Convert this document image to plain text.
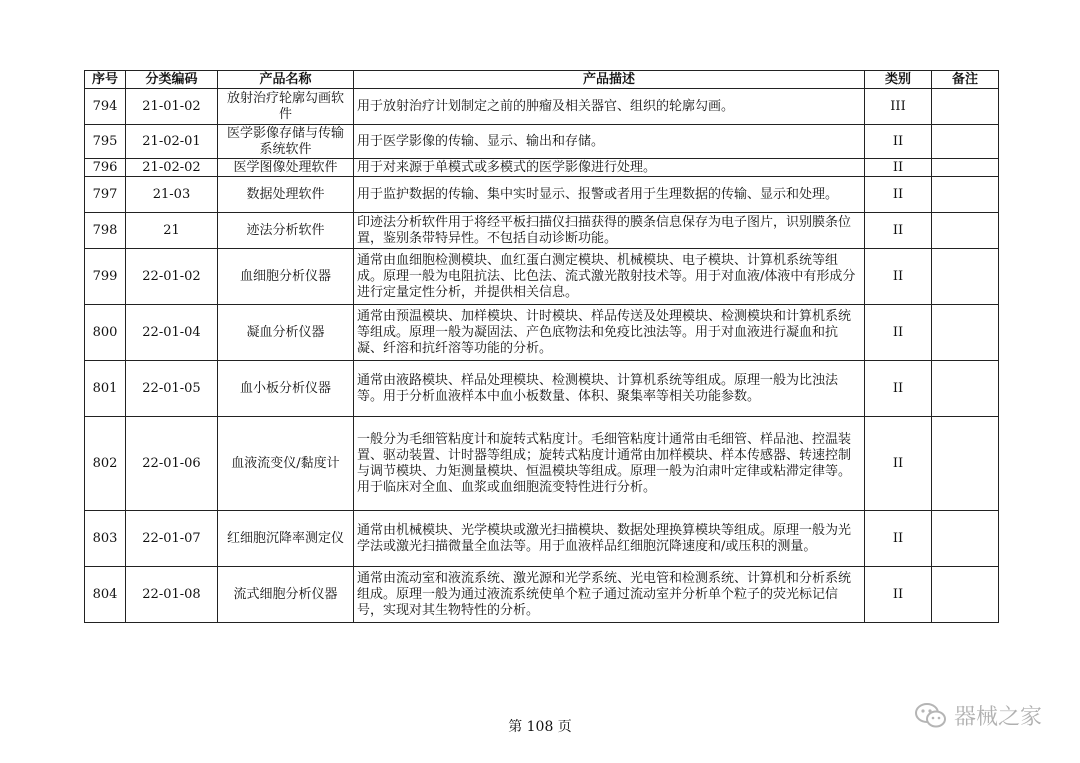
序号	分类编码	产品名称	产品描述	类别	备注
794	21-01-02	放射治疗轮廓勾画软件	用于放射治疗计划制定之前的肿瘤及相关器官、组织的轮廓勾画。	III	
795	21-02-01	医学影像存储与传输系统软件	用于医学影像的传输、显示、输出和存储。	II	
796	21-02-02	医学图像处理软件	用于对来源于单模式或多模式的医学影像进行处理。	II	
797	21-03	数据处理软件	用于监护数据的传输、集中实时显示、报警或者用于生理数据的传输、显示和处理。	II	
798	21	迹法分析软件	印迹法分析软件用于将经平板扫描仪扫描获得的膜条信息保存为电子图片，识别膜条位置，鉴别条带特异性。不包括自动诊断功能。	II	
799	22-01-02	血细胞分析仪器	通常由血细胞检测模块、血红蛋白测定模块、机械模块、电子模块、计算机系统等组成。原理一般为电阻抗法、比色法、流式激光散射技术等。用于对血液/体液中有形成分进行定量定性分析，并提供相关信息。	II	
800	22-01-04	凝血分析仪器	通常由预温模块、加样模块、计时模块、样品传送及处理模块、检测模块和计算机系统等组成。原理一般为凝固法、产色底物法和免疫比浊法等。用于对血液进行凝血和抗凝、纤溶和抗纤溶等功能的分析。	II	
801	22-01-05	血小板分析仪器	通常由液路模块、样品处理模块、检测模块、计算机系统等组成。原理一般为比浊法等。用于分析血液样本中血小板数量、体积、聚集率等相关功能参数。	II	
802	22-01-06	血液流变仪/黏度计	一般分为毛细管粘度计和旋转式粘度计。毛细管粘度计通常由毛细管、样品池、控温装置、驱动装置、计时器等组成；旋转式粘度计通常由加样模块、样本传感器、转速控制与调节模块、力矩测量模块、恒温模块等组成。原理一般为泊肃叶定律或粘滞定律等。用于临床对全血、血浆或血细胞流变特性进行分析。	II	
803	22-01-07	红细胞沉降率测定仪	通常由机械模块、光学模块或激光扫描模块、数据处理换算模块等组成。原理一般为光学法或激光扫描微量全血法等。用于血液样品红细胞沉降速度和/或压积的测量。	II	
804	22-01-08	流式细胞分析仪器	通常由流动室和液流系统、激光源和光学系统、光电管和检测系统、计算机和分析系统组成。原理一般为通过液流系统使单个粒子通过流动室并分析单个粒子的荧光标记信号，实现对其生物特性的分析。	II	
第 108 页	器械之家
